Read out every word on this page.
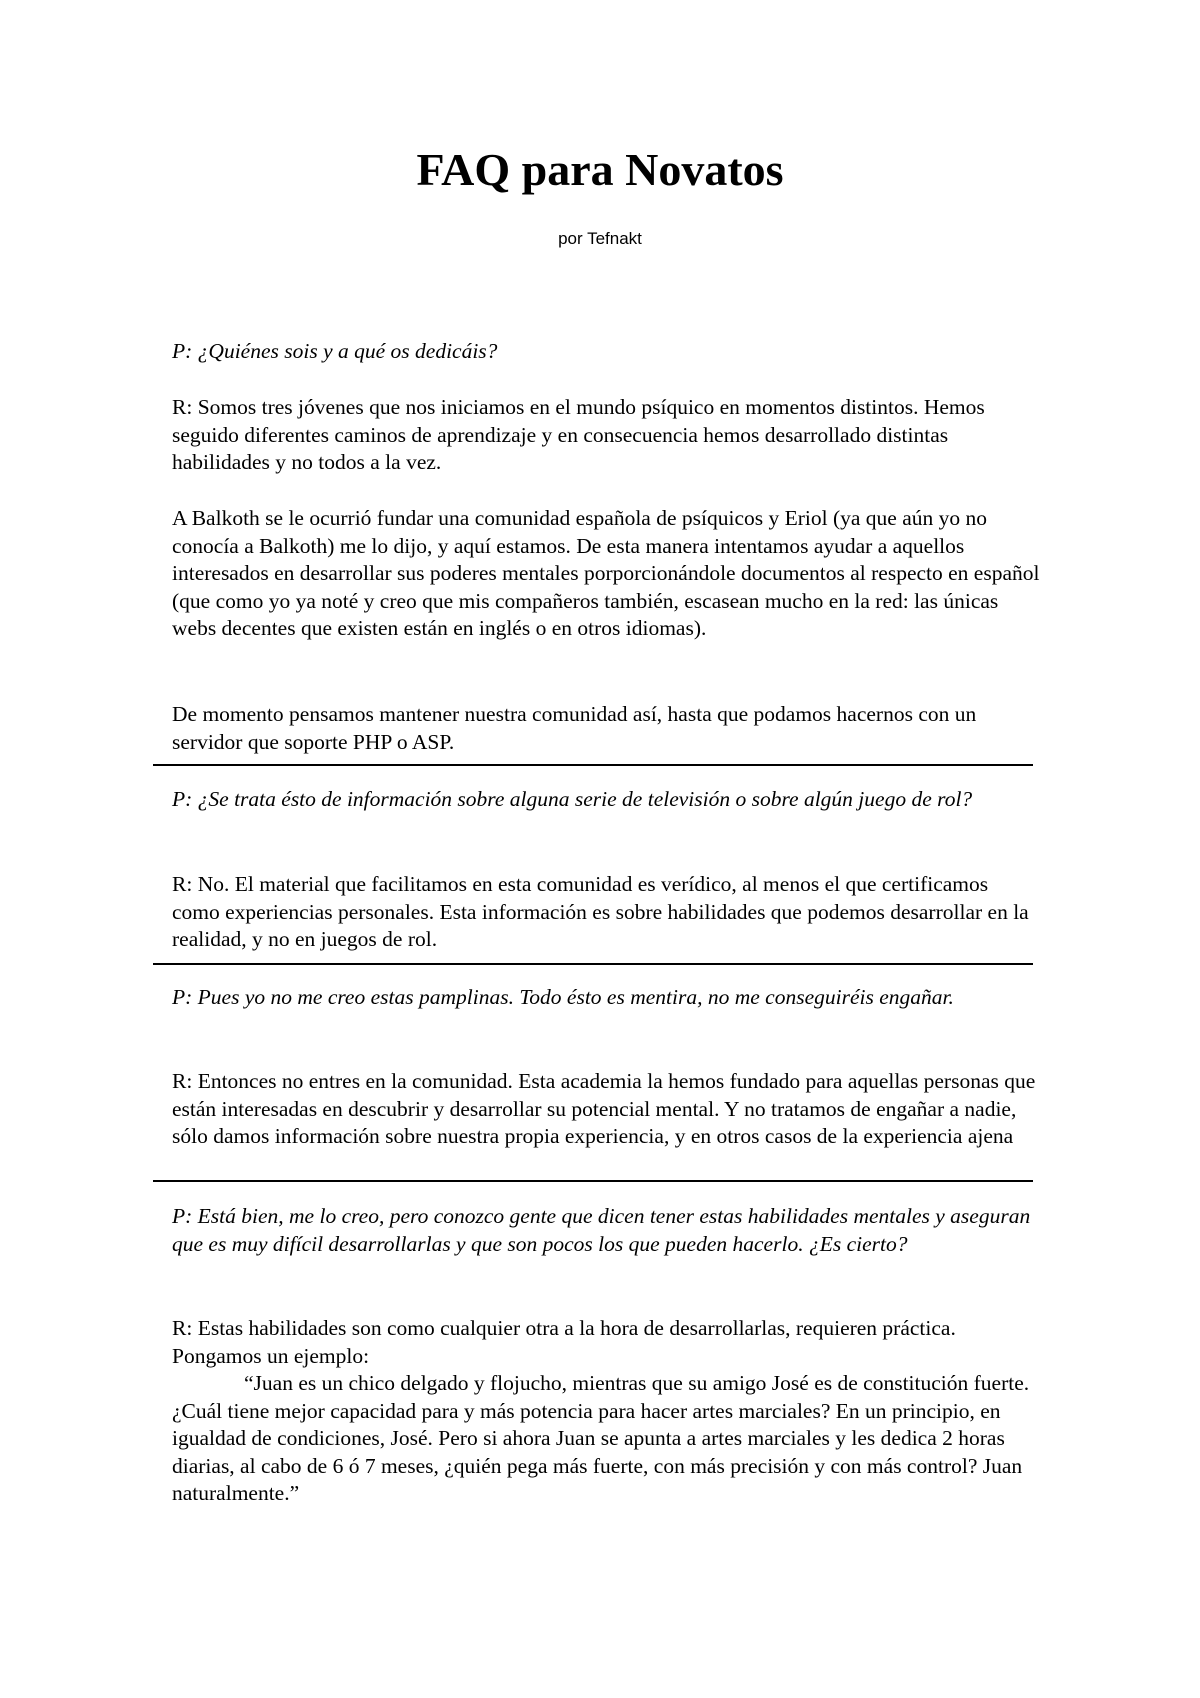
FAQ para Novatos
por Tefnakt

P: ¿Quiénes sois y a qué os dedicáis?

R: Somos tres jóvenes que nos iniciamos en el mundo psíquico en momentos distintos. Hemos seguido diferentes caminos de aprendizaje y en consecuencia hemos desarrollado distintas habilidades y no todos a la vez.

A Balkoth se le ocurrió fundar una comunidad española de psíquicos y Eriol (ya que aún yo no conocía a Balkoth) me lo dijo, y aquí estamos. De esta manera intentamos ayudar a aquellos interesados en desarrollar sus poderes mentales porporcionándole documentos al respecto en español (que como yo ya noté y creo que mis compañeros también, escasean mucho en la red: las únicas webs decentes que existen están en inglés o en otros idiomas).

De momento pensamos mantener nuestra comunidad así, hasta que podamos hacernos con un servidor que soporte PHP o ASP.

P: ¿Se trata ésto de información sobre alguna serie de televisión o sobre algún juego de rol?

R: No. El material que facilitamos en esta comunidad es verídico, al menos el que certificamos como experiencias personales. Esta información es sobre habilidades que podemos desarrollar en la realidad, y no en juegos de rol.

P: Pues yo no me creo estas pamplinas. Todo ésto es mentira, no me conseguiréis engañar.

R: Entonces no entres en la comunidad. Esta academia la hemos fundado para aquellas personas que están interesadas en descubrir y desarrollar su potencial mental. Y no tratamos de engañar a nadie, sólo damos información sobre nuestra propia experiencia, y en otros casos de la experiencia ajena

P: Está bien, me lo creo, pero conozco gente que dicen tener estas habilidades mentales y aseguran que es muy difícil desarrollarlas y que son pocos los que pueden hacerlo. ¿Es cierto?

R: Estas habilidades son como cualquier otra a la hora de desarrollarlas, requieren práctica. Pongamos un ejemplo:

“Juan es un chico delgado y flojucho, mientras que su amigo José es de constitución fuerte. ¿Cuál tiene mejor capacidad para y más potencia para hacer artes marciales? En un principio, en igualdad de condiciones, José. Pero si ahora Juan se apunta a artes marciales y les dedica 2 horas diarias, al cabo de 6 ó 7 meses, ¿quién pega más fuerte, con más precisión y con más control? Juan naturalmente.”
